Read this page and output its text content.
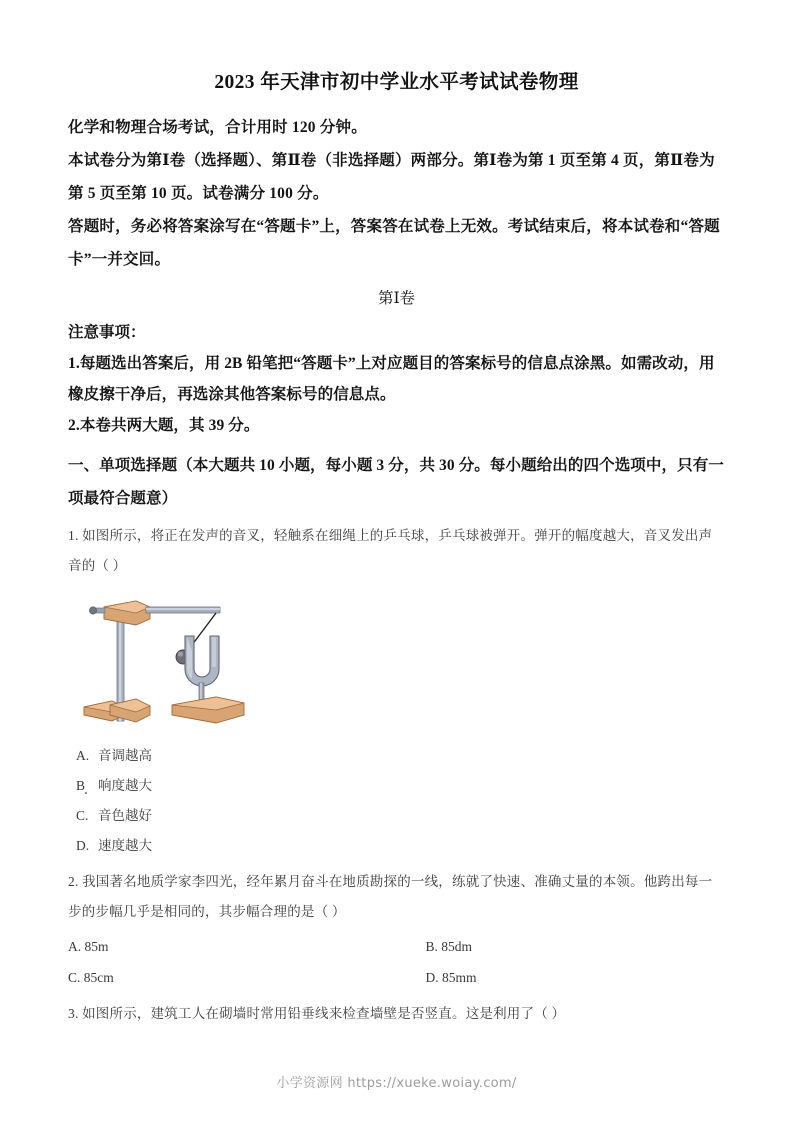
2023 年天津市初中学业水平考试试卷物理
化学和物理合场考试，合计用时 120 分钟。
本试卷分为第Ⅰ卷（选择题）、第Ⅱ卷（非选择题）两部分。第Ⅰ卷为第 1 页至第 4 页，第Ⅱ卷为第 5 页至第 10 页。试卷满分 100 分。
答题时，务必将答案涂写在“答题卡”上，答案答在试卷上无效。考试结束后，将本试卷和“答题卡”一并交回。
第Ⅰ卷
注意事项：
1.每题选出答案后，用 2B 铅笔把“答题卡”上对应题目的答案标号的信息点涂黑。如需改动，用橡皮擦干净后，再选涂其他答案标号的信息点。
2.本卷共两大题，其 39 分。
一、单项选择题（本大题共 10 小题，每小题 3 分，共 30 分。每小题给出的四个选项中，只有一项最符合题意）
1. 如图所示，将正在发声的音叉，轻触系在细绳上的乒乓球，乒乓球被弹开。弹开的幅度越大，音叉发出声音的（ ）
A. 音调越高
B 响度越大
C. 音色越好
D. 速度越大
2. 我国著名地质学家李四光，经年累月奋斗在地质勘探的一线，练就了快速、准确丈量的本领。他跨出每一步的步幅几乎是相同的，其步幅合理的是（ ）
A. 85m	B. 85dm
C. 85cm	D. 85mm
3. 如图所示，建筑工人在砌墙时常用铅垂线来检查墙壁是否竖直。这是利用了（ ）
小学资源网 https://xueke.woiay.com/
